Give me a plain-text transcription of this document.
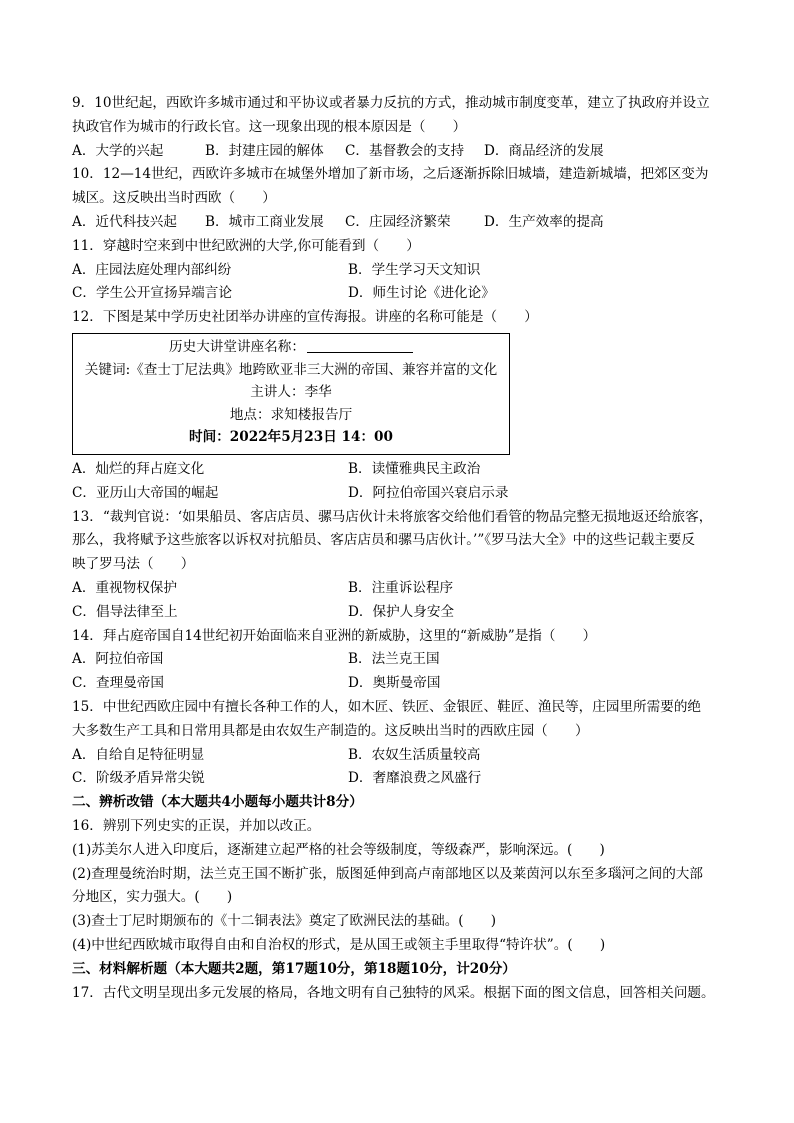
9．10世纪起，西欧许多城市通过和平协议或者暴力反抗的方式，推动城市制度变革，建立了执政府并设立
执政官作为城市的行政长官。这一现象出现的根本原因是（　　）
A．大学的兴起	B．封建庄园的解体 C．基督教会的支持 D．商品经济的发展
10．12—14世纪，西欧许多城市在城堡外增加了新市场，之后逐渐拆除旧城墙，建造新城墙，把郊区变为
城区。这反映出当时西欧（　　）
A．近代科技兴起 B．城市工商业发展 C．庄园经济繁荣 D．生产效率的提高
11．穿越时空来到中世纪欧洲的大学,你可能看到（　　）
A．庄园法庭处理内部纠纷	B．学生学习天文知识
C．学生公开宣扬异端言论	D．师生讨论《进化论》
12．下图是某中学历史社团举办讲座的宣传海报。讲座的名称可能是（　　）
历史大讲堂讲座名称：
关键词:《查士丁尼法典》地跨欧亚非三大洲的帝国、兼容并富的文化
主讲人：李华
地点：求知楼报告厅
时间：2022年5月23日 14：00
A．灿烂的拜占庭文化	B．读懂雅典民主政治
C．亚历山大帝国的崛起	D．阿拉伯帝国兴衰启示录
13．“裁判官说：‘如果船员、客店店员、骡马店伙计未将旅客交给他们看管的物品完整无损地返还给旅客，
那么，我将赋予这些旅客以诉权对抗船员、客店店员和骡马店伙计。’”《罗马法大全》中的这些记载主要反
映了罗马法（　　）
A．重视物权保护	B．注重诉讼程序
C．倡导法律至上	D．保护人身安全
14．拜占庭帝国自14世纪初开始面临来自亚洲的新威胁，这里的“新威胁”是指（　　）
A．阿拉伯帝国	B．法兰克王国
C．查理曼帝国	D．奥斯曼帝国
15．中世纪西欧庄园中有擅长各种工作的人，如木匠、铁匠、金银匠、鞋匠、渔民等，庄园里所需要的绝
大多数生产工具和日常用具都是由农奴生产制造的。这反映出当时的西欧庄园（　　）
A．自给自足特征明显	B．农奴生活质量较高
C．阶级矛盾异常尖锐	D．奢靡浪费之风盛行
二、辨析改错（本大题共4小题每小题共计8分）
16．辨别下列史实的正误，并加以改正。
(1)苏美尔人进入印度后，逐渐建立起严格的社会等级制度，等级森严，影响深远。(　　)
(2)查理曼统治时期，法兰克王国不断扩张，版图延伸到高卢南部地区以及莱茵河以东至多瑙河之间的大部
分地区，实力强大。(　　)
(3)查士丁尼时期颁布的《十二铜表法》奠定了欧洲民法的基础。(　　)
(4)中世纪西欧城市取得自由和自治权的形式，是从国王或领主手里取得“特许状”。(　　)
三、材料解析题（本大题共2题，第17题10分，第18题10分，计20分）
17．古代文明呈现出多元发展的格局，各地文明有自己独特的风采。根据下面的图文信息，回答相关问题。
